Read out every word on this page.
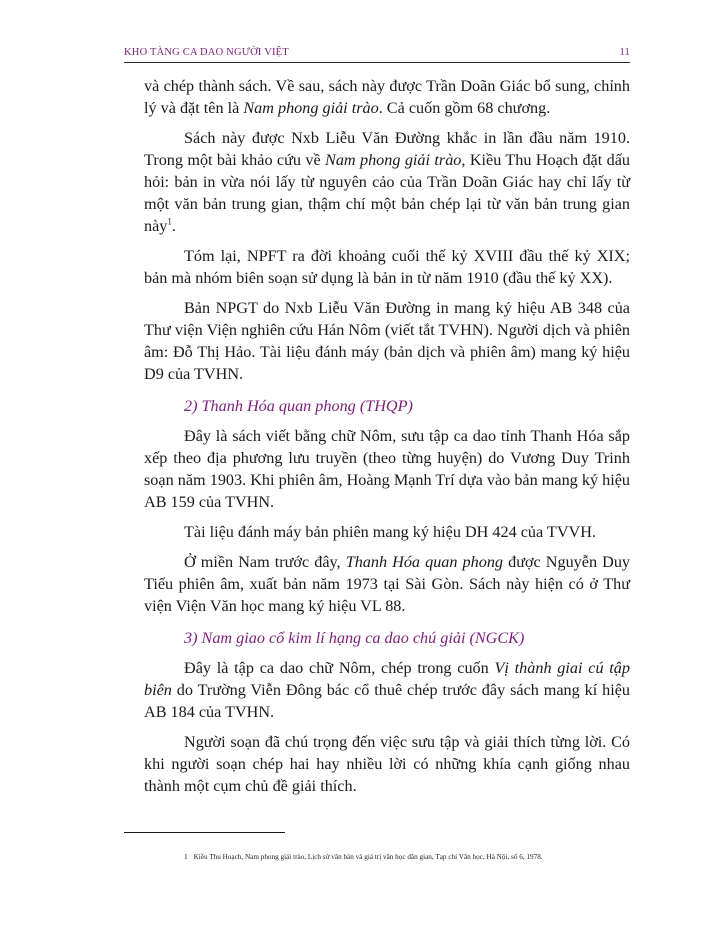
KHO TÀNG CA DAO NGƯỜI VIỆT	11

và chép thành sách. Về sau, sách này được Trần Doãn Giác bổ sung, chỉnh lý và đặt tên là Nam phong giải trào. Cả cuốn gồm 68 chương.

Sách này được Nxb Liễu Văn Đường khắc in lần đầu năm 1910. Trong một bài khảo cứu về Nam phong giải trào, Kiều Thu Hoạch đặt dấu hỏi: bản in vừa nói lấy từ nguyên cảo của Trần Doãn Giác hay chỉ lấy từ một văn bản trung gian, thậm chí một bản chép lại từ văn bản trung gian này$^1$.

Tóm lại, NPFT ra đời khoảng cuối thế kỷ XVIII đầu thế kỷ XIX; bản mà nhóm biên soạn sử dụng là bản in từ năm 1910 (đầu thế kỷ XX).

Bản NPGT do Nxb Liễu Văn Đường in mang ký hiệu AB 348 của Thư viện Viện nghiên cứu Hán Nôm (viết tắt TVHN). Người dịch và phiên âm: Đỗ Thị Hảo. Tài liệu đánh máy (bản dịch và phiên âm) mang ký hiệu D9 của TVHN.

2) Thanh Hóa quan phong (THQP)

Đây là sách viết bằng chữ Nôm, sưu tập ca dao tỉnh Thanh Hóa sắp xếp theo địa phương lưu truyền (theo từng huyện) do Vương Duy Trinh soạn năm 1903. Khi phiên âm, Hoàng Mạnh Trí dựa vào bản mang ký hiệu AB 159 của TVHN.

Tài liệu đánh máy bản phiên mang ký hiệu DH 424 của TVVH.

Ở miền Nam trước đây, Thanh Hóa quan phong được Nguyễn Duy Tiếu phiên âm, xuất bản năm 1973 tại Sài Gòn. Sách này hiện có ở Thư viện Viện Văn học mang ký hiệu VL 88.

3) Nam giao cổ kim lí hạng ca dao chú giải (NGCK)

Đây là tập ca dao chữ Nôm, chép trong cuốn Vị thành giai cú tập biên do Trường Viễn Đông bác cổ thuê chép trước đây sách mang kí hiệu AB 184 của TVHN.

Người soạn đã chú trọng đến việc sưu tập và giải thích từng lời. Có khi người soạn chép hai hay nhiều lời có những khía cạnh giống nhau thành một cụm chủ đề giải thích.

1 Kiều Thu Hoạch, Nam phong giải trào, Lịch sử văn bản và giá trị văn học dân gian, Tạp chí Văn học, Hà Nội, số 6, 1978.
